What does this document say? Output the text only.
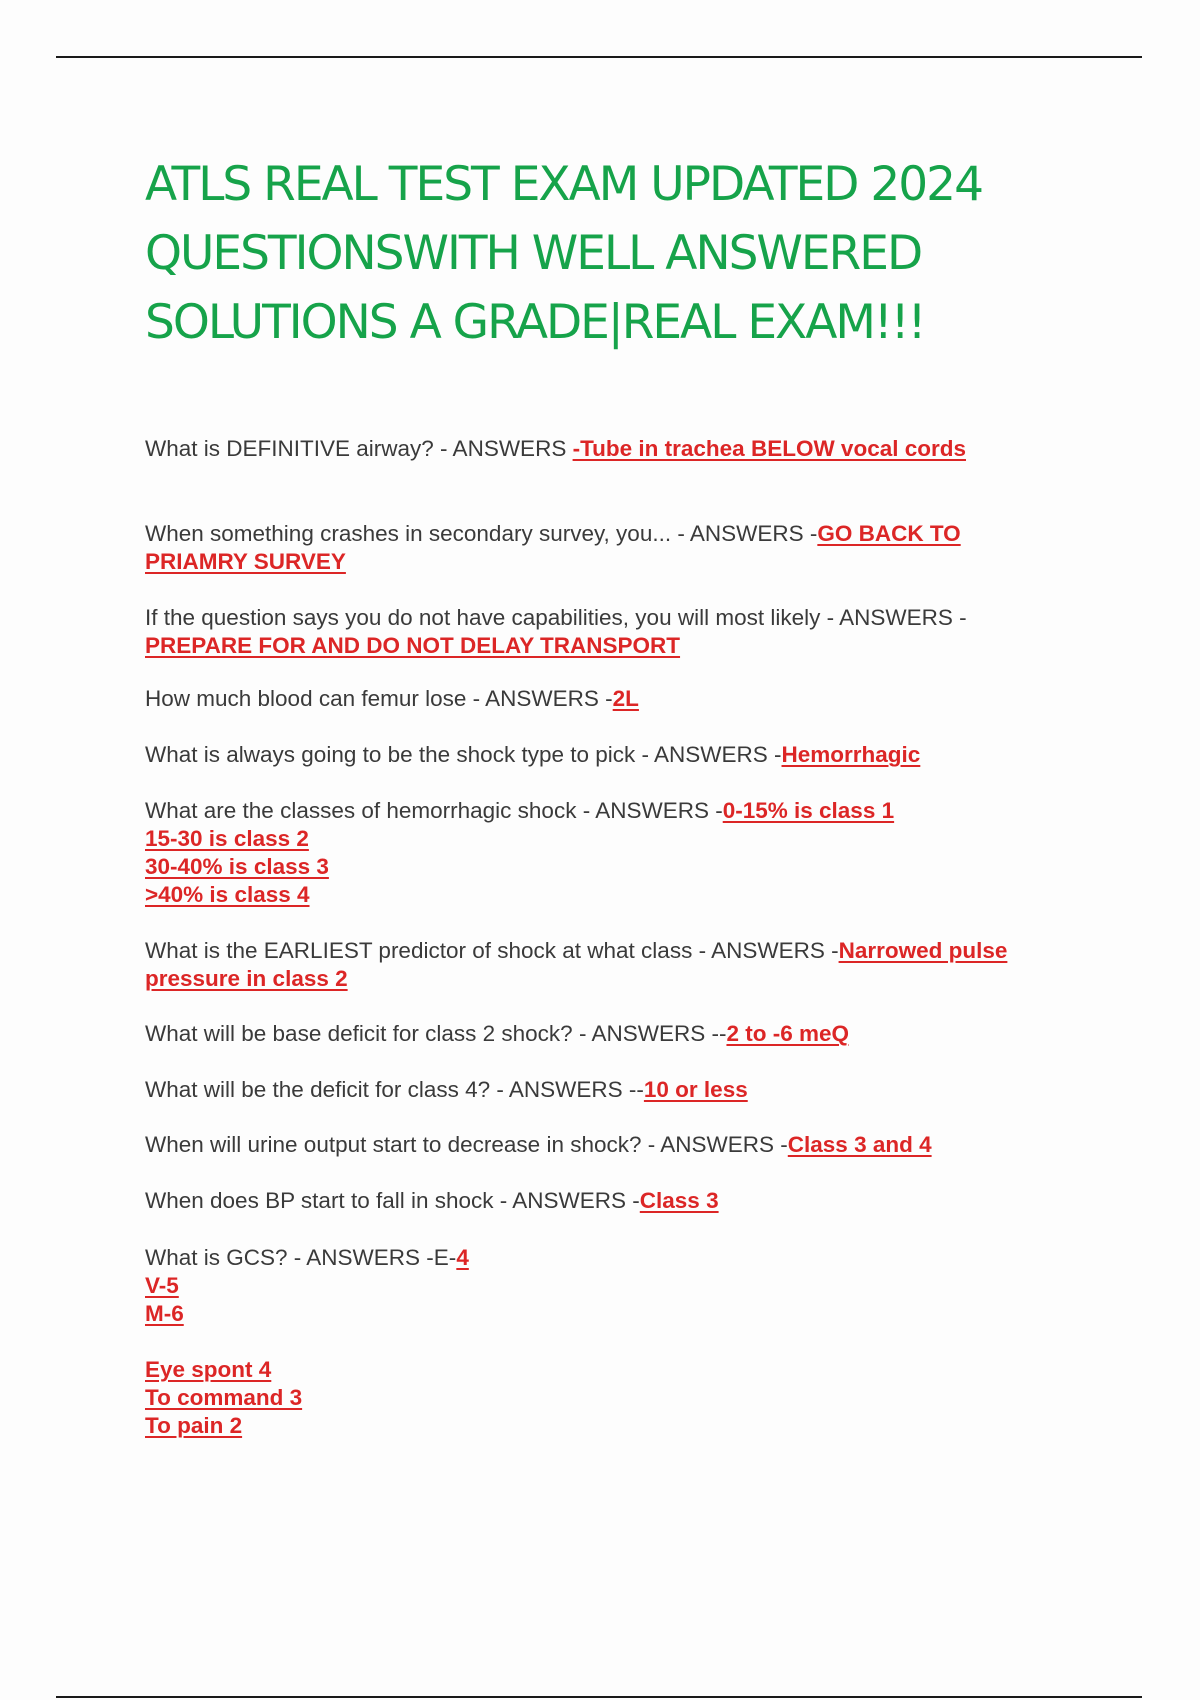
ATLS REAL TEST EXAM UPDATED 2024
QUESTIONSWITH WELL ANSWERED
SOLUTIONS A GRADE|REAL EXAM!!!
What is DEFINITIVE airway? - ANSWERS -Tube in trachea BELOW vocal cords
When something crashes in secondary survey, you... - ANSWERS -GO BACK TO
PRIAMRY SURVEY
If the question says you do not have capabilities, you will most likely - ANSWERS -
PREPARE FOR AND DO NOT DELAY TRANSPORT
How much blood can femur lose - ANSWERS -2L
What is always going to be the shock type to pick - ANSWERS -Hemorrhagic
What are the classes of hemorrhagic shock - ANSWERS -0-15% is class 1
15-30 is class 2
30-40% is class 3
>40% is class 4
What is the EARLIEST predictor of shock at what class - ANSWERS -Narrowed pulse
pressure in class 2
What will be base deficit for class 2 shock? - ANSWERS --2 to -6 meQ
What will be the deficit for class 4? - ANSWERS --10 or less
When will urine output start to decrease in shock? - ANSWERS -Class 3 and 4
When does BP start to fall in shock - ANSWERS -Class 3
What is GCS? - ANSWERS -E-4
V-5
M-6

Eye spont 4
To command 3
To pain 2
